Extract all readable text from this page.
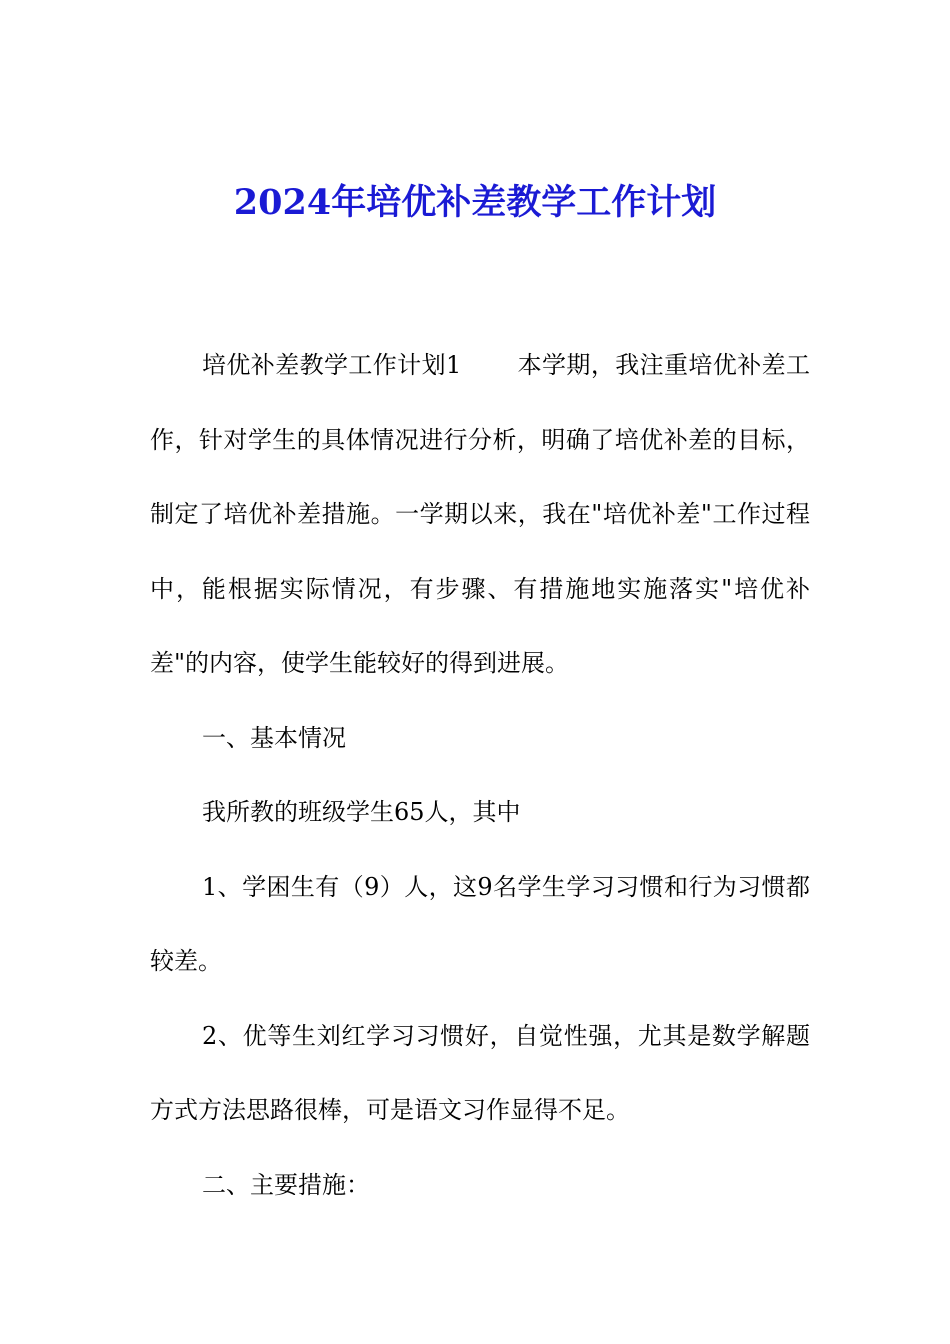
2024年培优补差教学工作计划

培优补差教学工作计划1 本学期，我注重培优补差工作，针对学生的具体情况进行分析，明确了培优补差的目标，制定了培优补差措施。一学期以来，我在"培优补差"工作过程中，能根据实际情况，有步骤、有措施地实施落实"培优补差"的内容，使学生能较好的得到进展。

一、基本情况

我所教的班级学生65人，其中

1、学困生有（9）人，这9名学生学习习惯和行为习惯都较差。

2、优等生刘红学习习惯好，自觉性强，尤其是数学解题方式方法思路很棒，可是语文习作显得不足。

二、主要措施：
